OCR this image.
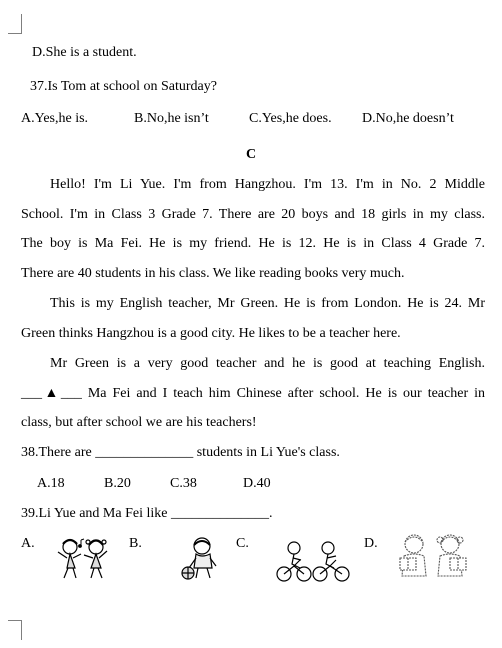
D.She is a student.
37.Is Tom at school on Saturday?
A.Yes,he is.	B.No,he isn’t	C.Yes,he does. D.No,he doesn’t
C
Hello! I'm Li Yue. I'm from Hangzhou. I'm 13. I'm in No. 2 Middle
School. I'm in Class 3 Grade 7. There are 20 boys and 18 girls in my class.
The boy is Ma Fei. He is my friend. He is 12. He is in Class 4 Grade 7.
There are 40 students in his class. We like reading books very much.
This is my English teacher, Mr Green. He is from London. He is 24. Mr
Green thinks Hangzhou is a good city. He likes to be a teacher here.
Mr Green is a very good teacher and he is good at teaching English.
___▲___ Ma Fei and I teach him Chinese after school. He is our teacher in
class, but after school we are his teachers!
38.There are ______________ students in Li Yue's class.
A.18	B.20	C.38	D.40
39.Li Yue and Ma Fei like ______________.
A.	B.	C.	D.
